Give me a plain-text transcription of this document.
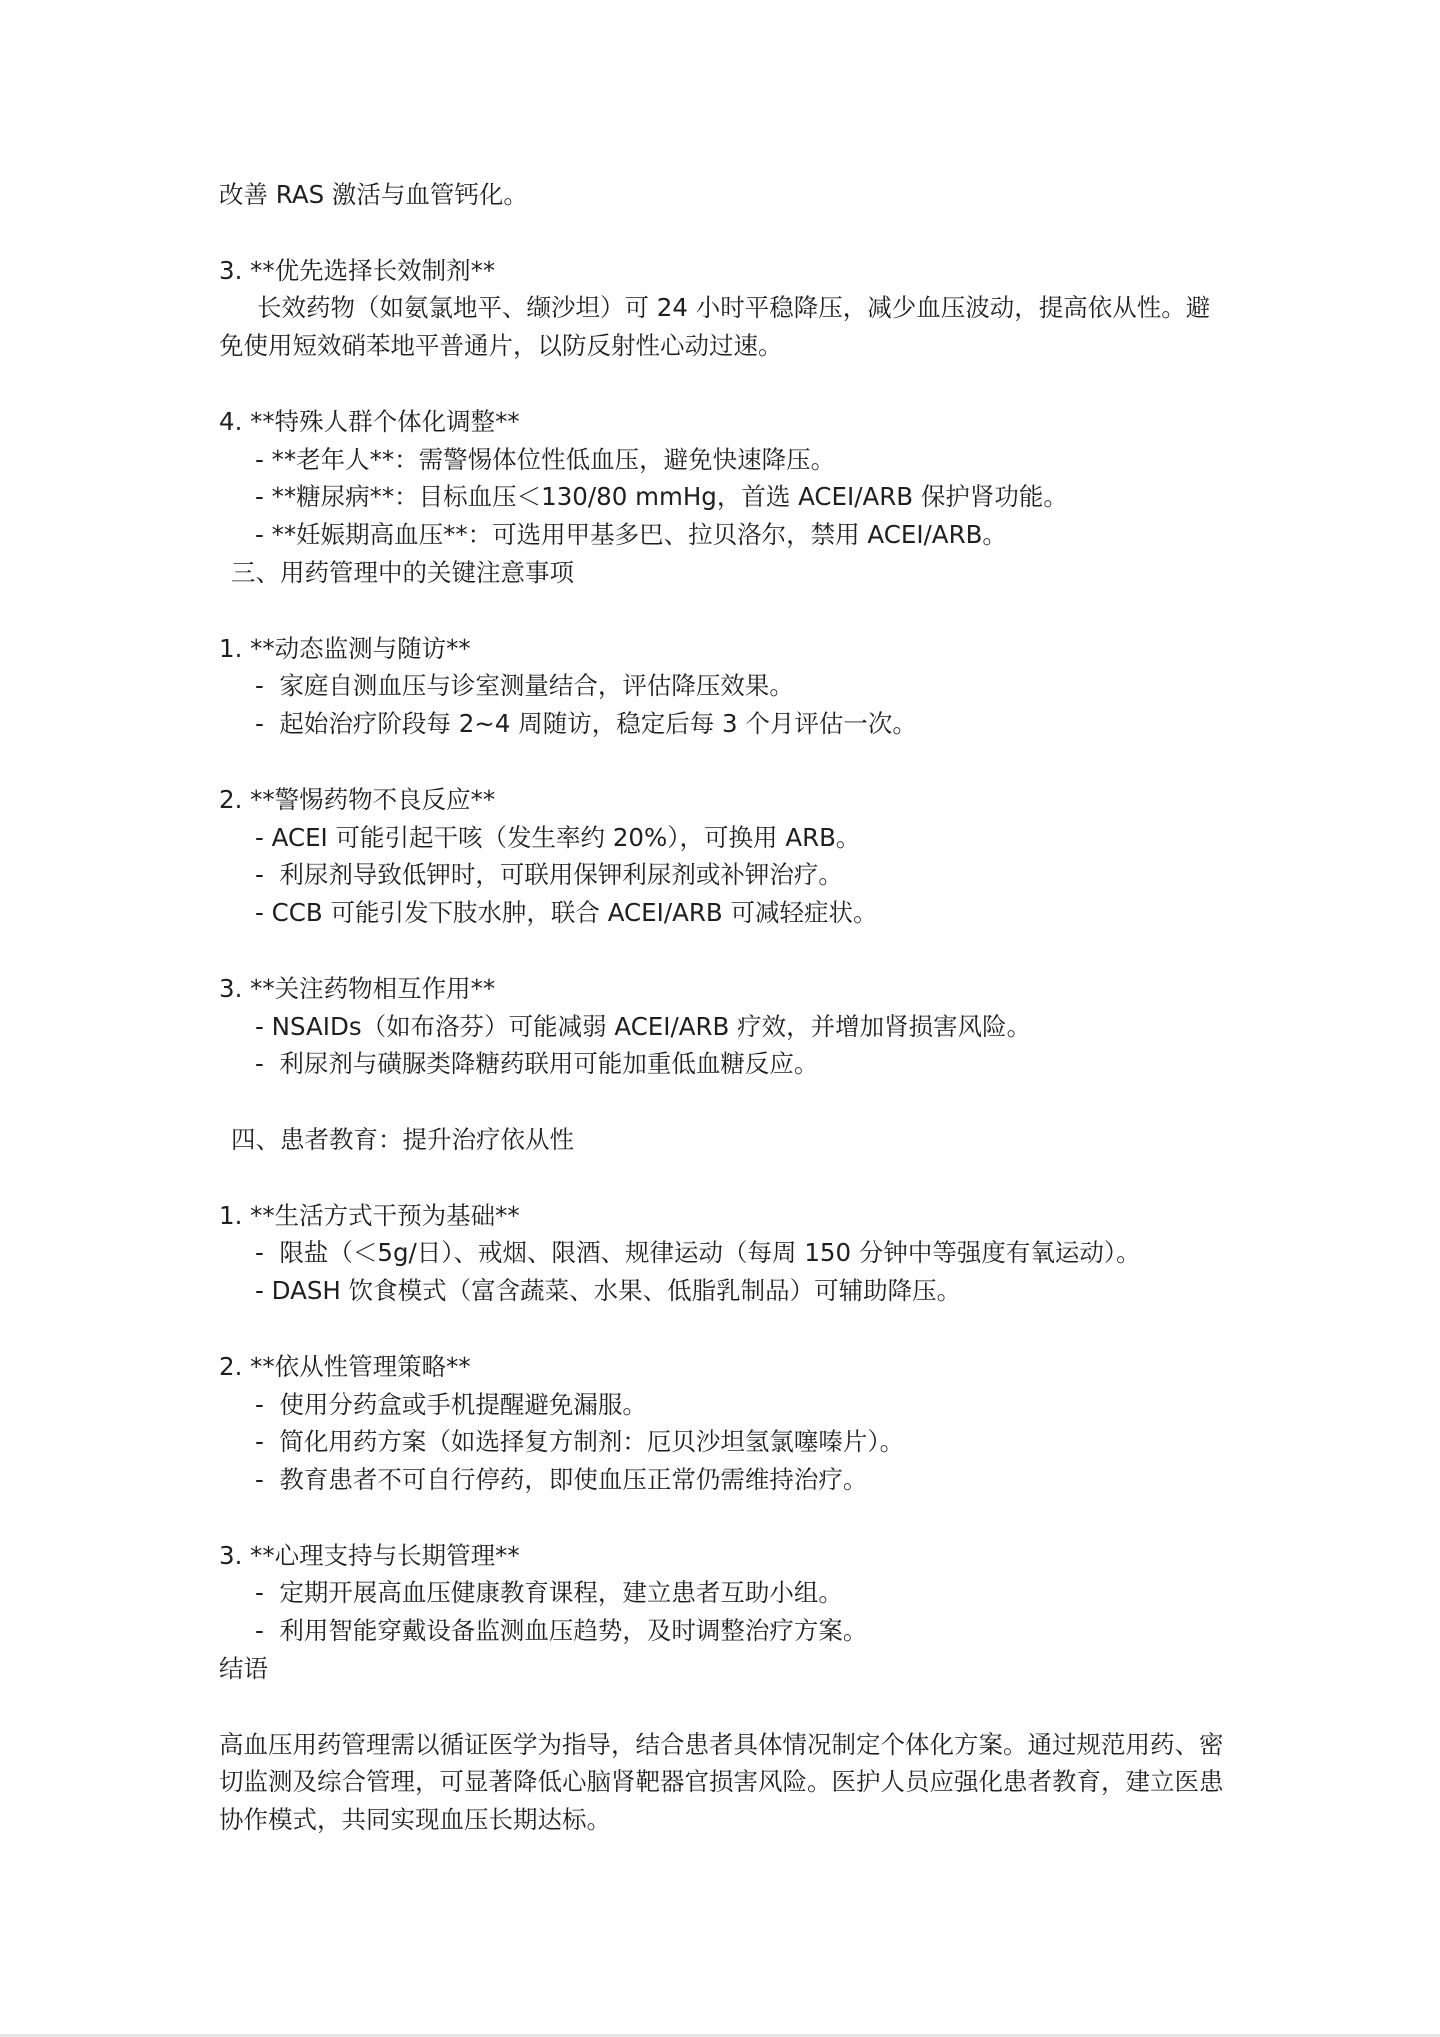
改善 RAS 激活与血管钙化。
3. **优先选择长效制剂**
长效药物（如氨氯地平、缬沙坦）可 24 小时平稳降压，减少血压波动，提高依从性。避免使用短效硝苯地平普通片，以防反射性心动过速。
4. **特殊人群个体化调整**
- **老年人**：需警惕体位性低血压，避免快速降压。
- **糖尿病**：目标血压＜130/80 mmHg，首选 ACEI/ARB 保护肾功能。
- **妊娠期高血压**：可选用甲基多巴、拉贝洛尔，禁用 ACEI/ARB。
三、用药管理中的关键注意事项
1. **动态监测与随访**
-  家庭自测血压与诊室测量结合，评估降压效果。
-  起始治疗阶段每 2~4 周随访，稳定后每 3 个月评估一次。
2. **警惕药物不良反应**
- ACEI 可能引起干咳（发生率约 20%），可换用 ARB。
-  利尿剂导致低钾时，可联用保钾利尿剂或补钾治疗。
- CCB 可能引发下肢水肿，联合 ACEI/ARB 可减轻症状。
3. **关注药物相互作用**
- NSAIDs（如布洛芬）可能减弱 ACEI/ARB 疗效，并增加肾损害风险。
-  利尿剂与磺脲类降糖药联用可能加重低血糖反应。
四、患者教育：提升治疗依从性
1. **生活方式干预为基础**
-  限盐（＜5g/日）、戒烟、限酒、规律运动（每周 150 分钟中等强度有氧运动）。
- DASH 饮食模式（富含蔬菜、水果、低脂乳制品）可辅助降压。
2. **依从性管理策略**
-  使用分药盒或手机提醒避免漏服。
-  简化用药方案（如选择复方制剂：厄贝沙坦氢氯噻嗪片）。
-  教育患者不可自行停药，即使血压正常仍需维持治疗。
3. **心理支持与长期管理**
-  定期开展高血压健康教育课程，建立患者互助小组。
-  利用智能穿戴设备监测血压趋势，及时调整治疗方案。
结语
高血压用药管理需以循证医学为指导，结合患者具体情况制定个体化方案。通过规范用药、密切监测及综合管理，可显著降低心脑肾靶器官损害风险。医护人员应强化患者教育，建立医患协作模式，共同实现血压长期达标。
